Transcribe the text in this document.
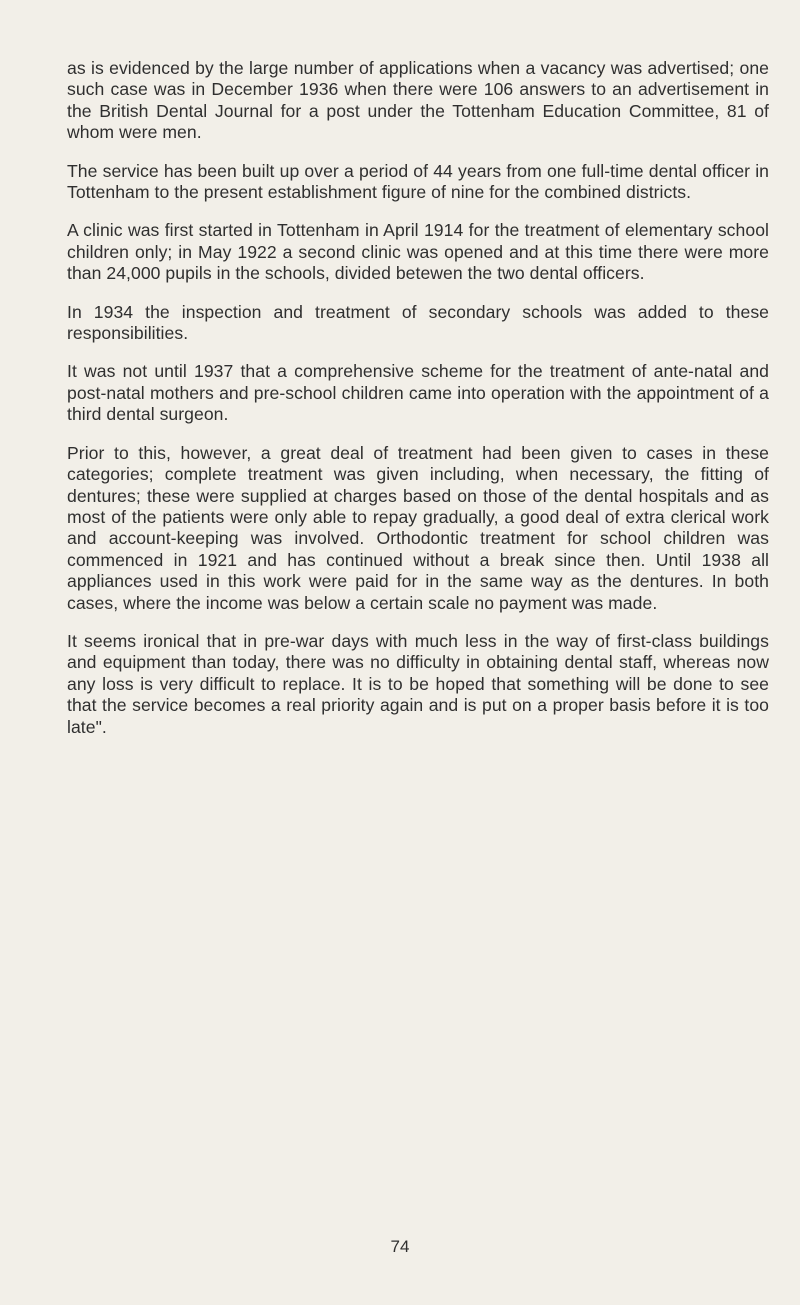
as is evidenced by the large number of applications when a vacancy was advertised; one such case was in December 1936 when there were 106 answers to an advertisement in the British Dental Journal for a post under the Tottenham Education Committee, 81 of whom were men.

The service has been built up over a period of 44 years from one full-time dental officer in Tottenham to the present establishment figure of nine for the combined districts.

A clinic was first started in Tottenham in April 1914 for the treatment of elementary school children only; in May 1922 a second clinic was opened and at this time there were more than 24,000 pupils in the schools, divided betewen the two dental officers.

In 1934 the inspection and treatment of secondary schools was added to these responsibilities.

It was not until 1937 that a comprehensive scheme for the treatment of ante-natal and post-natal mothers and pre-school children came into operation with the appointment of a third dental surgeon.

Prior to this, however, a great deal of treatment had been given to cases in these categories; complete treatment was given including, when necessary, the fitting of dentures; these were supplied at charges based on those of the dental hospitals and as most of the patients were only able to repay gradually, a good deal of extra clerical work and account-keeping was involved. Orthodontic treatment for school children was commenced in 1921 and has continued without a break since then. Until 1938 all appliances used in this work were paid for in the same way as the dentures. In both cases, where the income was below a certain scale no payment was made.

It seems ironical that in pre-war days with much less in the way of first-class buildings and equipment than today, there was no difficulty in obtaining dental staff, whereas now any loss is very difficult to replace. It is to be hoped that something will be done to see that the service becomes a real priority again and is put on a proper basis before it is too late".

74
